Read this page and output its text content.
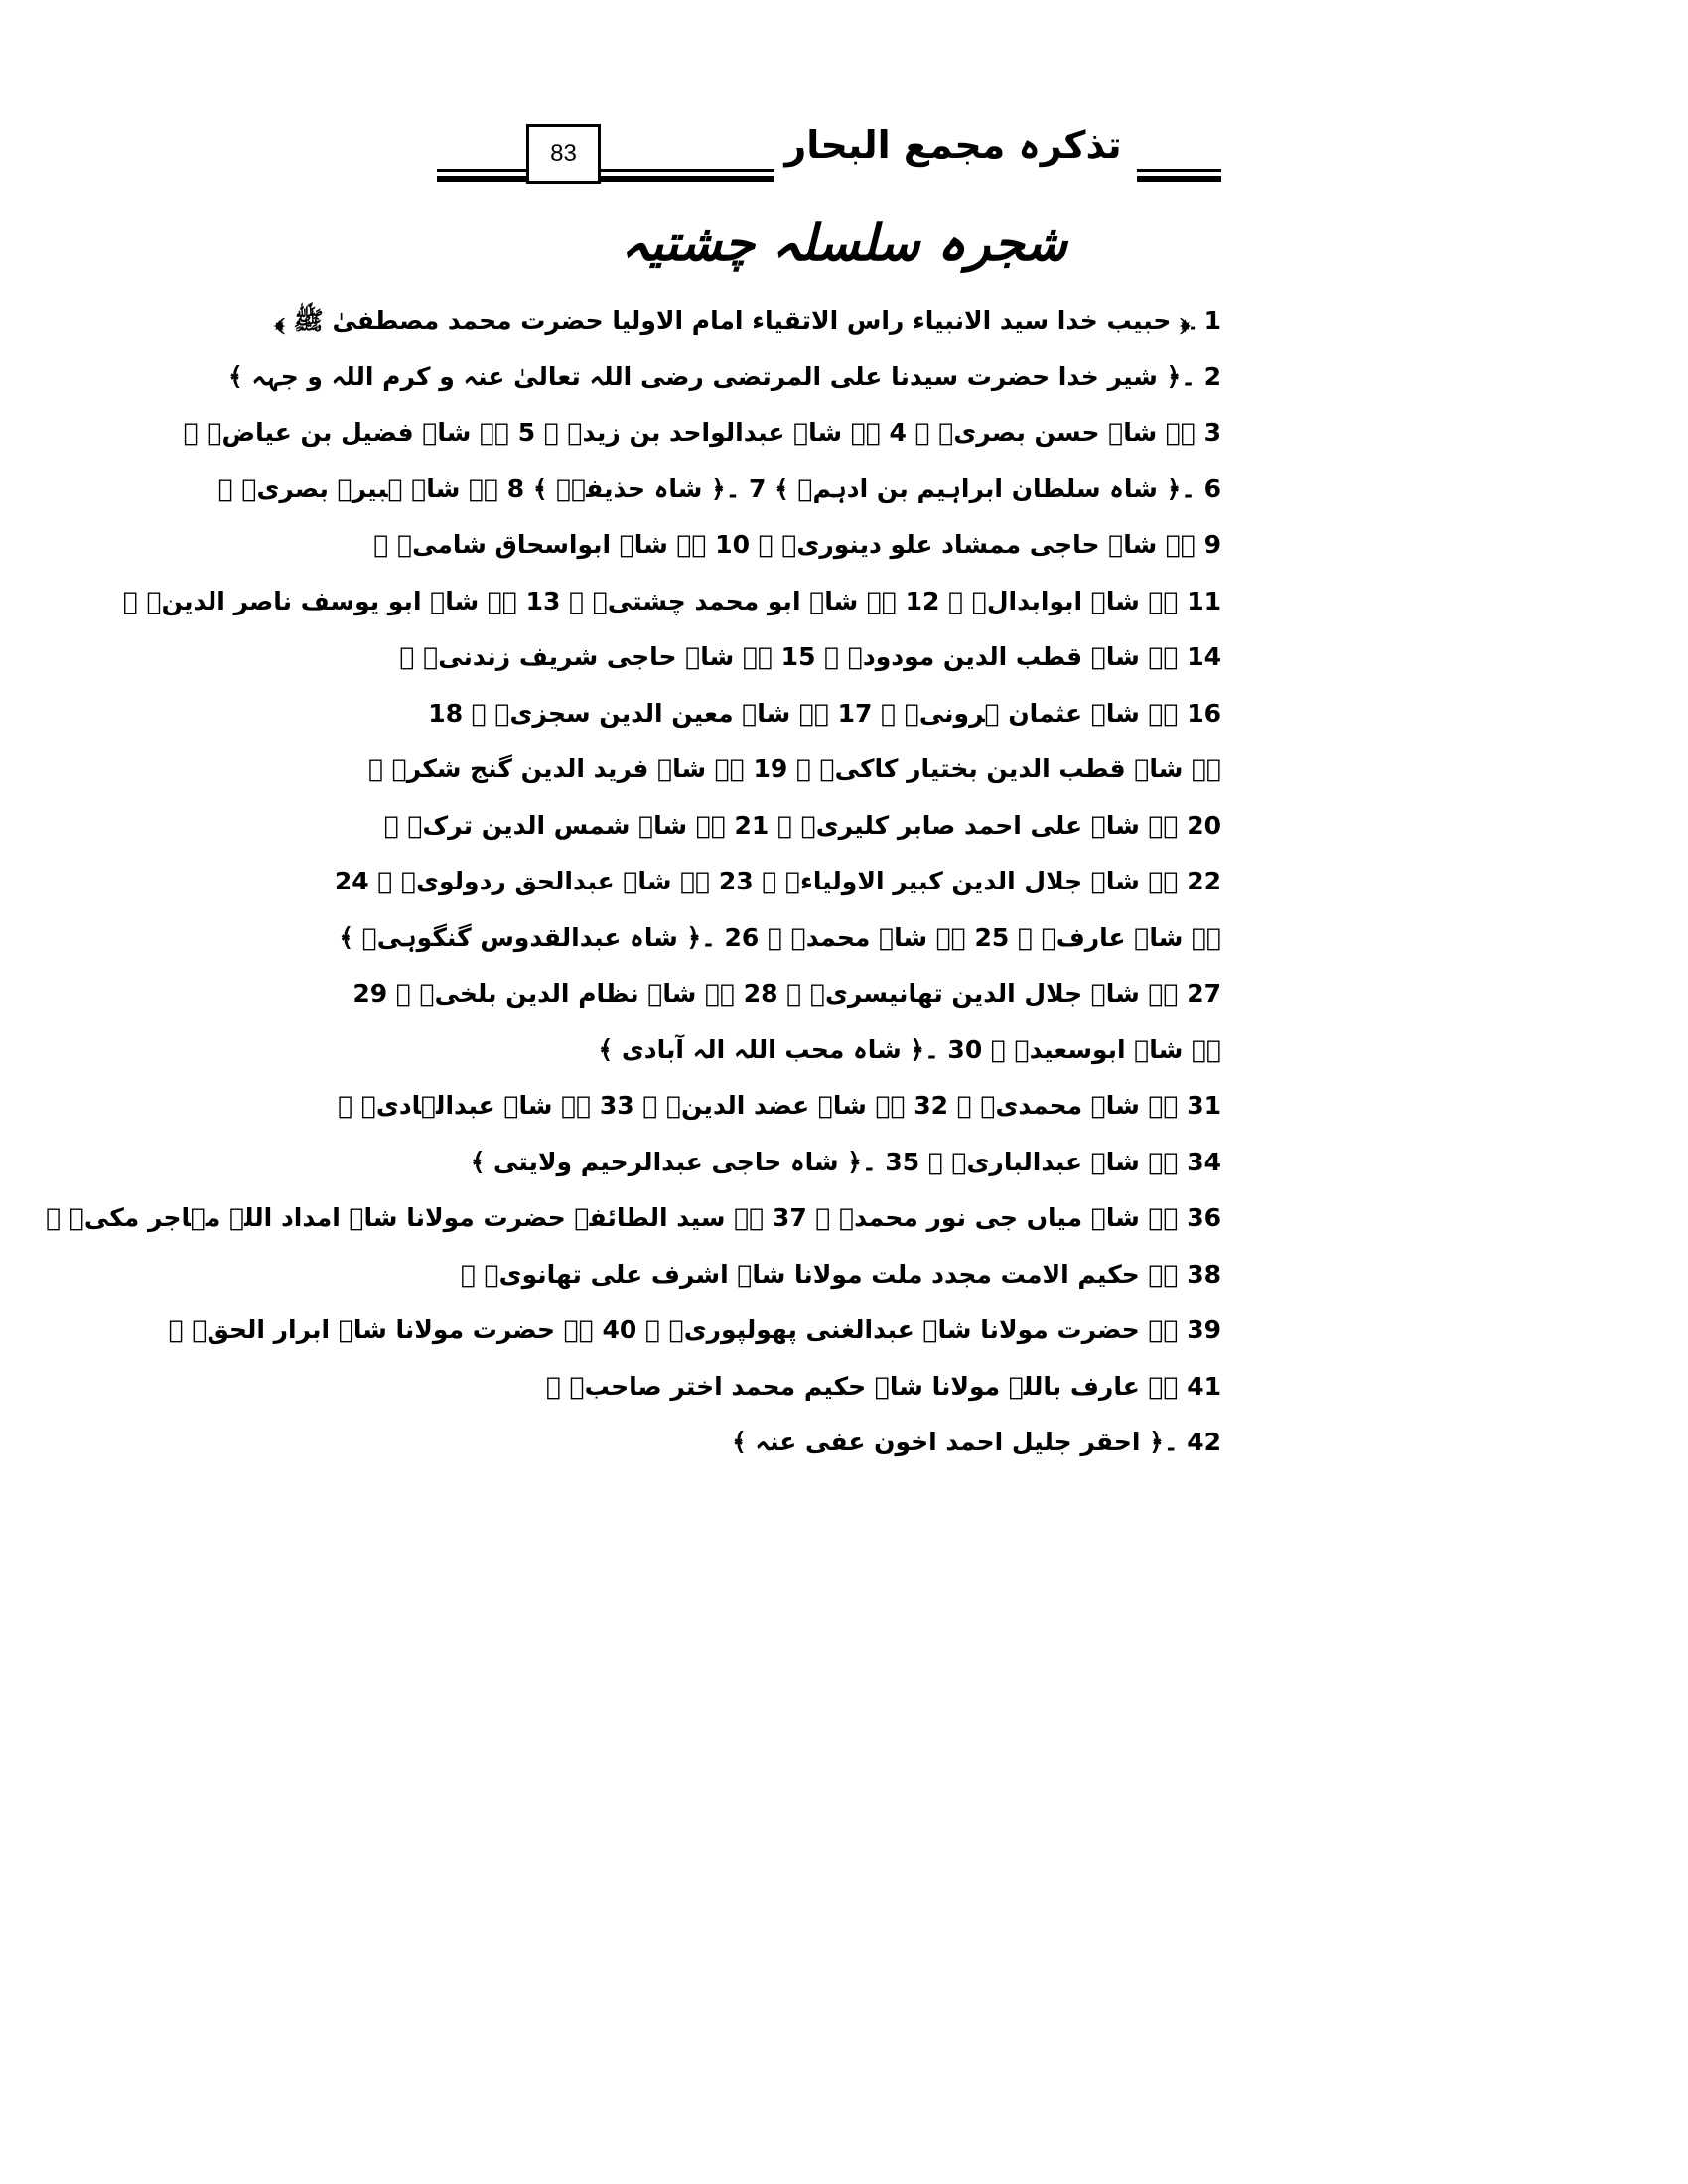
83	تذکرہ مجمع البحار
شجرہ سلسلہ چشتیہ
1 ۔﴿ حبیب خدا سید الانبیاء راس الاتقیاء امام الاولیا حضرت محمد مصطفیٰ ﷺ ﴾
2 ۔﴿ شیر خدا حضرت سیدنا علی المرتضی رضی اللہ تعالیٰ عنہ و کرم اللہ و جہہ ﴾
3 ۔﴿ شاہ حسن بصریؒ ﴾ 4 ۔﴿ شاہ عبدالواحد بن زیدؒ ﴾ 5 ۔﴿ شاہ فضیل بن عیاضؒ ﴾
6 ۔﴿ شاہ سلطان ابراہیم بن ادہمؒ ﴾ 7 ۔﴿ شاہ حذیفہؒ ﴾ 8 ۔﴿ شاہ ہبیرہ بصریؒ ﴾
9 ۔﴿ شاہ حاجی ممشاد علو دینوریؒ ﴾ 10 ۔﴿ شاہ ابواسحاق شامیؒ ﴾
11 ۔﴿ شاہ ابوابدالؒ ﴾ 12 ۔﴿ شاہ ابو محمد چشتیؒ ﴾ 13 ۔﴿ شاہ ابو یوسف ناصر الدینؒ ﴾
14 ۔﴿ شاہ قطب الدین مودودؒ ﴾ 15 ۔﴿ شاہ حاجی شریف زندنیؒ ﴾
16 ۔﴿ شاہ عثمان ہرونیؒ ﴾ 17 ۔﴿ شاہ معین الدین سجزیؒ ﴾ 18
۔﴿ شاہ قطب الدین بختیار کاکیؒ ﴾ 19 ۔﴿ شاہ فرید الدین گنج شکرؒ ﴾
20 ۔﴿ شاہ علی احمد صابر کلیریؒ ﴾ 21 ۔﴿ شاہ شمس الدین ترکؒ ﴾
22 ۔﴿ شاہ جلال الدین کبیر الاولیاءؒ ﴾ 23 ۔﴿ شاہ عبدالحق ردولویؒ ﴾ 24
۔﴿ شاہ عارفؒ ﴾ 25 ۔﴿ شاہ محمدؒ ﴾ 26 ۔﴿ شاہ عبدالقدوس گنگوہیؒ ﴾
27 ۔﴿ شاہ جلال الدین تھانیسریؒ ﴾ 28 ۔﴿ شاہ نظام الدین بلخیؒ ﴾ 29
۔﴿ شاہ ابوسعیدؒ ﴾ 30 ۔﴿ شاہ محب اللہ الہ آبادی ﴾
31 ۔﴿ شاہ محمدیؒ ﴾ 32 ۔﴿ شاہ عضد الدینؒ ﴾ 33 ۔﴿ شاہ عبدالہادیؒ ﴾
34 ۔﴿ شاہ عبدالباریؒ ﴾ 35 ۔﴿ شاہ حاجی عبدالرحیم ولایتی ﴾
36 ۔﴿ شاہ میاں جی نور محمدؒ ﴾ 37 ۔﴿ سید الطائفہ حضرت مولانا شاہ امداد اللہ مہاجر مکیؒ ﴾
38 ۔﴿ حکیم الامت مجدد ملت مولانا شاہ اشرف علی تھانویؒ ﴾
39 ۔﴿ حضرت مولانا شاہ عبدالغنی پھولپوریؒ ﴾ 40 ۔﴿ حضرت مولانا شاہ ابرار الحقؒ ﴾
41 ۔﴿ عارف باللہ مولانا شاہ حکیم محمد اختر صاحبؒ ﴾
42 ۔﴿ احقر جلیل احمد اخون عفی عنہ ﴾
